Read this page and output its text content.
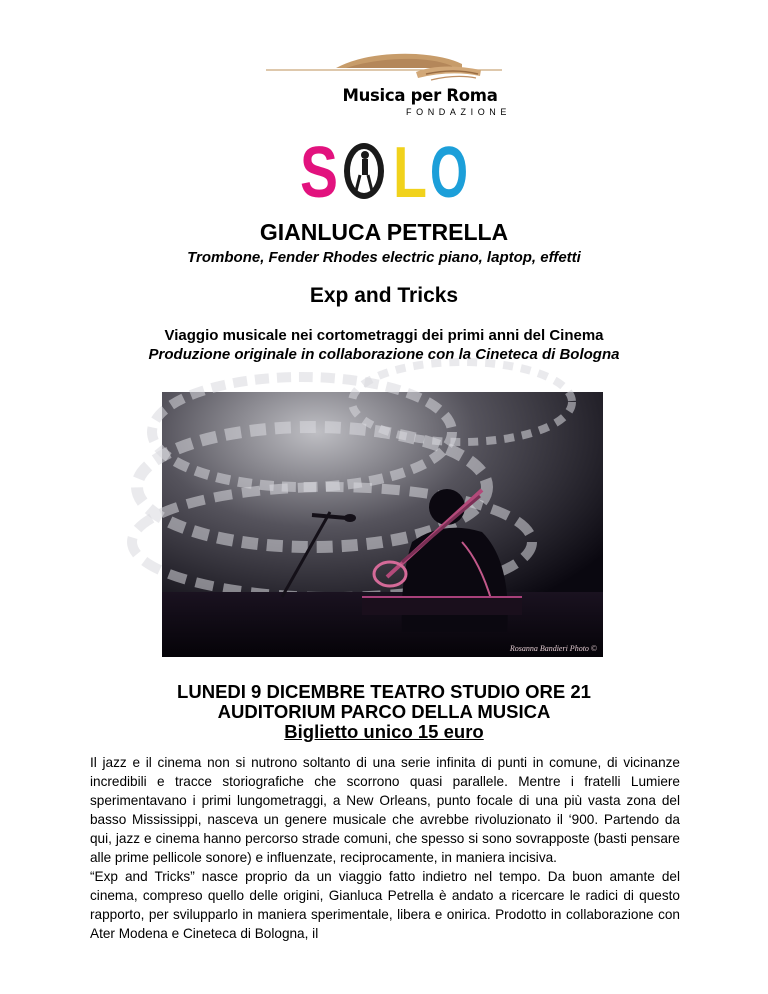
Musica per Roma
FONDAZIONE
S L O
GIANLUCA PETRELLA
Trombone, Fender Rhodes electric piano, laptop, effetti
Exp and Tricks
Viaggio musicale nei cortometraggi dei primi anni del Cinema
Produzione originale in collaborazione con la Cineteca di Bologna
Rosanna Bandieri Photo ©
LUNEDI 9 DICEMBRE TEATRO STUDIO ORE 21
AUDITORIUM PARCO DELLA MUSICA
Biglietto unico 15 euro

Il jazz e il cinema non si nutrono soltanto di una serie infinita di punti in comune, di vicinanze incredibili e tracce storiografiche che scorrono quasi parallele. Mentre i fratelli Lumiere sperimentavano i primi lungometraggi, a New Orleans, punto focale di una più vasta zona del basso Mississippi, nasceva un genere musicale che avrebbe rivoluzionato il ‘900. Partendo da qui, jazz e cinema hanno percorso strade comuni, che spesso si sono sovrapposte (basti pensare alle prime pellicole sonore) e influenzate, reciprocamente, in maniera incisiva.

“Exp and Tricks” nasce proprio da un viaggio fatto indietro nel tempo. Da buon amante del cinema, compreso quello delle origini, Gianluca Petrella è andato a ricercare le radici di questo rapporto, per svilupparlo in maniera sperimentale, libera e onirica. Prodotto in collaborazione con Ater Modena e Cineteca di Bologna, il
